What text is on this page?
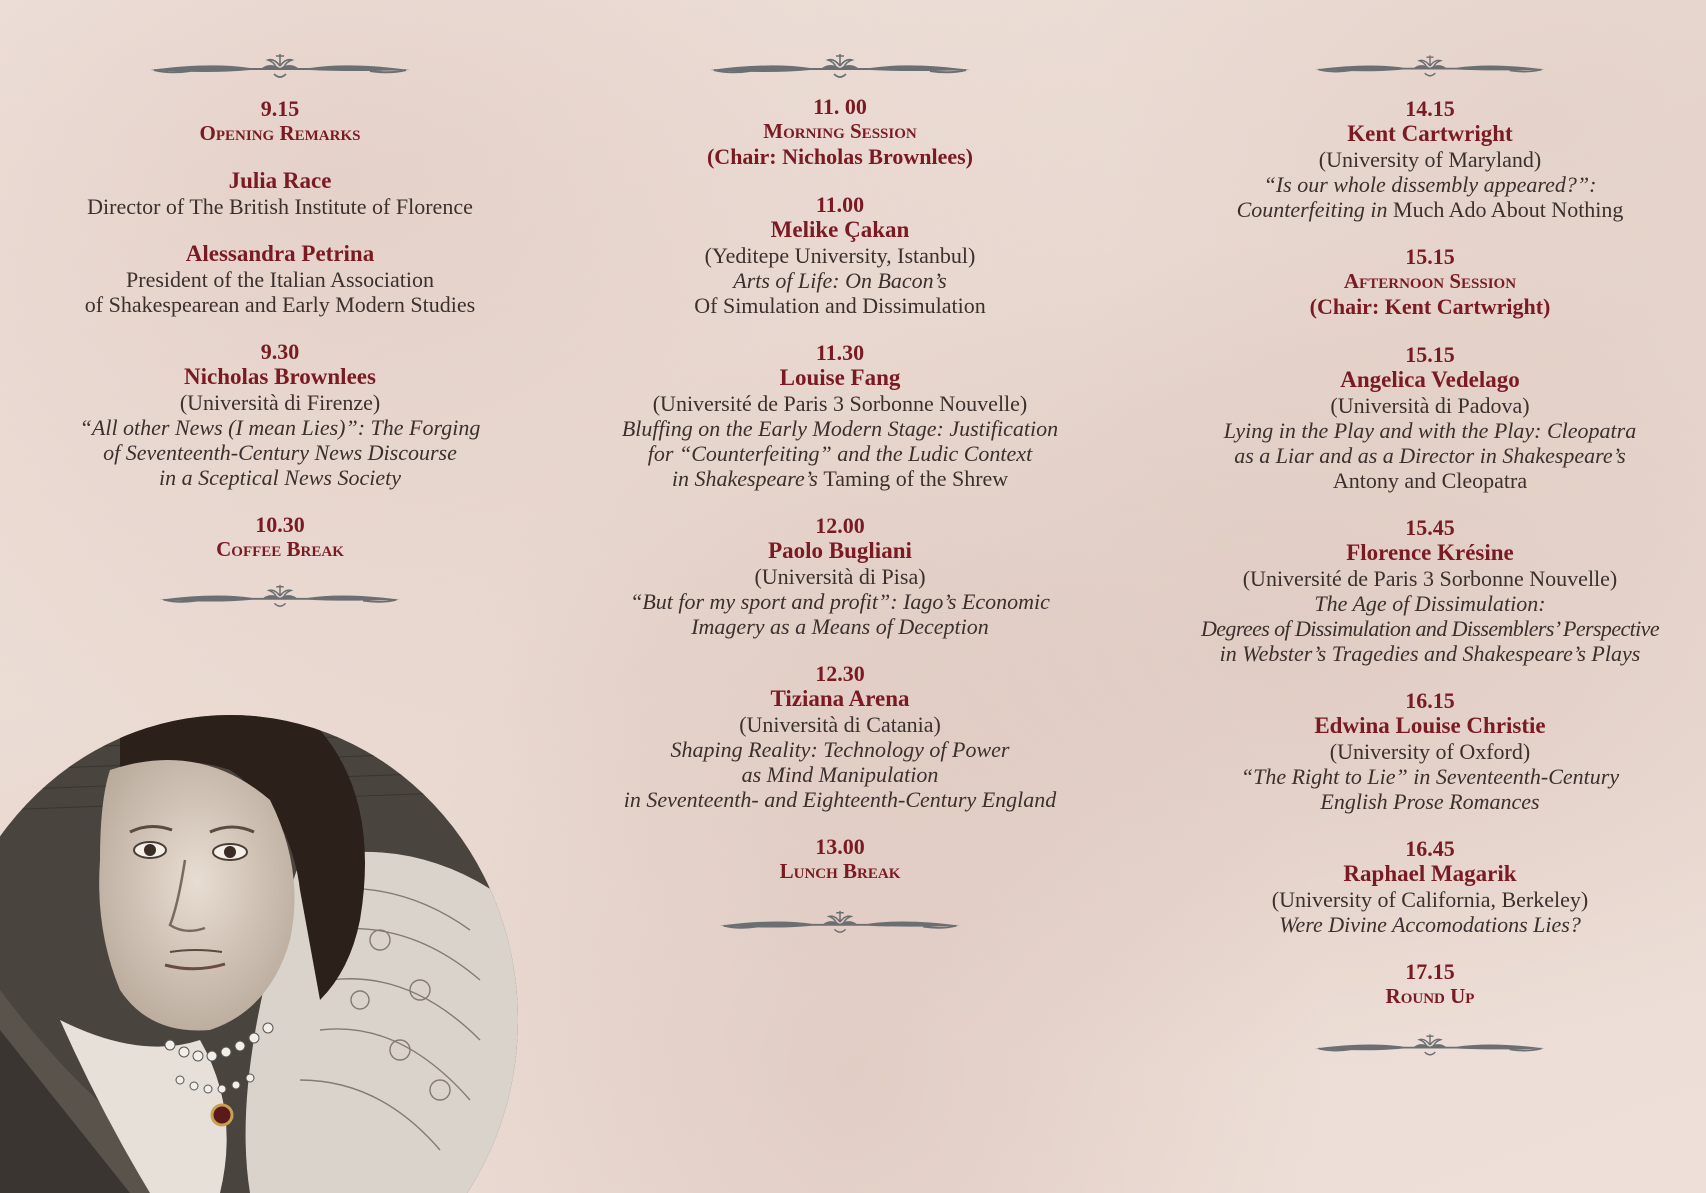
9.15
Opening Remarks
Julia Race
Director of The British Institute of Florence
Alessandra Petrina
President of the Italian Association
of Shakespearean and Early Modern Studies
9.30
Nicholas Brownlees
(Università di Firenze)
“All other News (I mean Lies)”: The Forging
of Seventeenth-Century News Discourse
in a Sceptical News Society
10.30
Coffee Break
11. 00
Morning Session
(Chair: Nicholas Brownlees)
11.00
Melike Çakan
(Yeditepe University, Istanbul)
Arts of Life: On Bacon’s
Of Simulation and Dissimulation
11.30
Louise Fang
(Université de Paris 3 Sorbonne Nouvelle)
Bluffing on the Early Modern Stage: Justification
for “Counterfeiting” and the Ludic Context
in Shakespeare’s Taming of the Shrew
12.00
Paolo Bugliani
(Università di Pisa)
“But for my sport and profit”: Iago’s Economic
Imagery as a Means of Deception
12.30
Tiziana Arena
(Università di Catania)
Shaping Reality: Technology of Power
as Mind Manipulation
in Seventeenth- and Eighteenth-Century England
13.00
Lunch Break
14.15
Kent Cartwright
(University of Maryland)
“Is our whole dissembly appeared?”:
Counterfeiting in Much Ado About Nothing
15.15
Afternoon Session
(Chair: Kent Cartwright)
15.15
Angelica Vedelago
(Università di Padova)
Lying in the Play and with the Play: Cleopatra
as a Liar and as a Director in Shakespeare’s
Antony and Cleopatra
15.45
Florence Krésine
(Université de Paris 3 Sorbonne Nouvelle)
The Age of Dissimulation:
Degrees of Dissimulation and Dissemblers’ Perspective
in Webster’s Tragedies and Shakespeare’s Plays
16.15
Edwina Louise Christie
(University of Oxford)
“The Right to Lie” in Seventeenth-Century
English Prose Romances
16.45
Raphael Magarik
(University of California, Berkeley)
Were Divine Accomodations Lies?
17.15
Round Up
